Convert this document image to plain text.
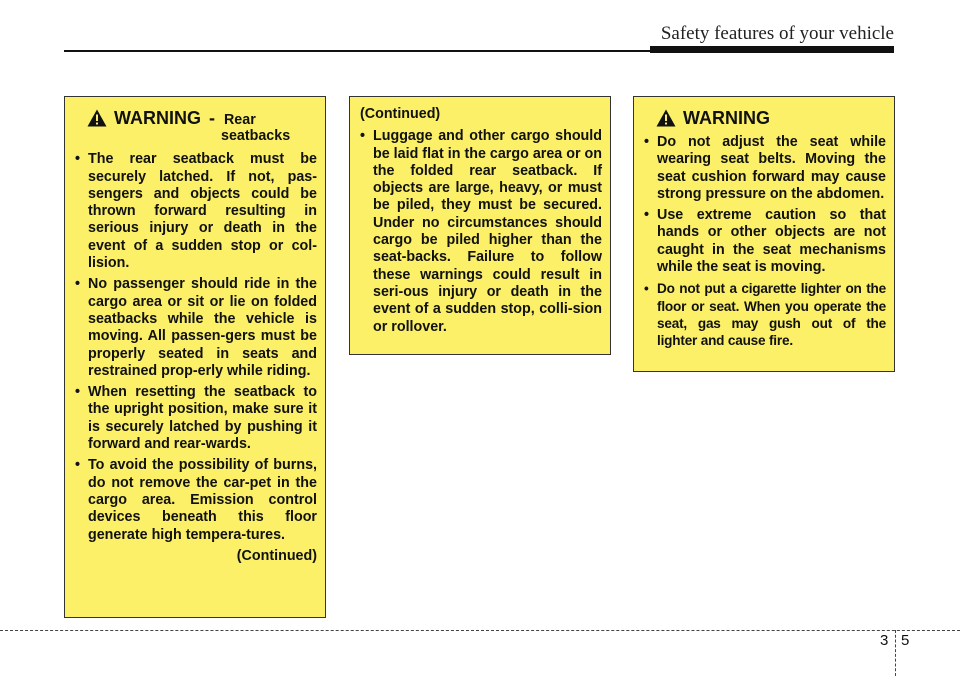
Safety features of your vehicle
WARNING - Rear
seatbacks
• The rear seatback must be securely latched. If not, pas-sengers and objects could be thrown forward resulting in serious injury or death in the event of a sudden stop or col-lision.
• No passenger should ride in the cargo area or sit or lie on folded seatbacks while the vehicle is moving. All passen-gers must be properly seated in seats and restrained prop-erly while riding.
• When resetting the seatback to the upright position, make sure it is securely latched by pushing it forward and rear-wards.
• To avoid the possibility of burns, do not remove the car-pet in the cargo area. Emission control devices beneath this floor generate high tempera-tures.
(Continued)
(Continued)
• Luggage and other cargo should be laid flat in the cargo area or on the folded rear seatback. If objects are large, heavy, or must be piled, they must be secured. Under no circumstances should cargo be piled higher than the seat-backs. Failure to follow these warnings could result in seri-ous injury or death in the event of a sudden stop, colli-sion or rollover.
WARNING
• Do not adjust the seat while wearing seat belts. Moving the seat cushion forward may cause strong pressure on the abdomen.
• Use extreme caution so that hands or other objects are not caught in the seat mechanisms while the seat is moving.
• Do not put a cigarette lighter on the floor or seat. When you operate the seat, gas may gush out of the lighter and cause fire.
3 5
